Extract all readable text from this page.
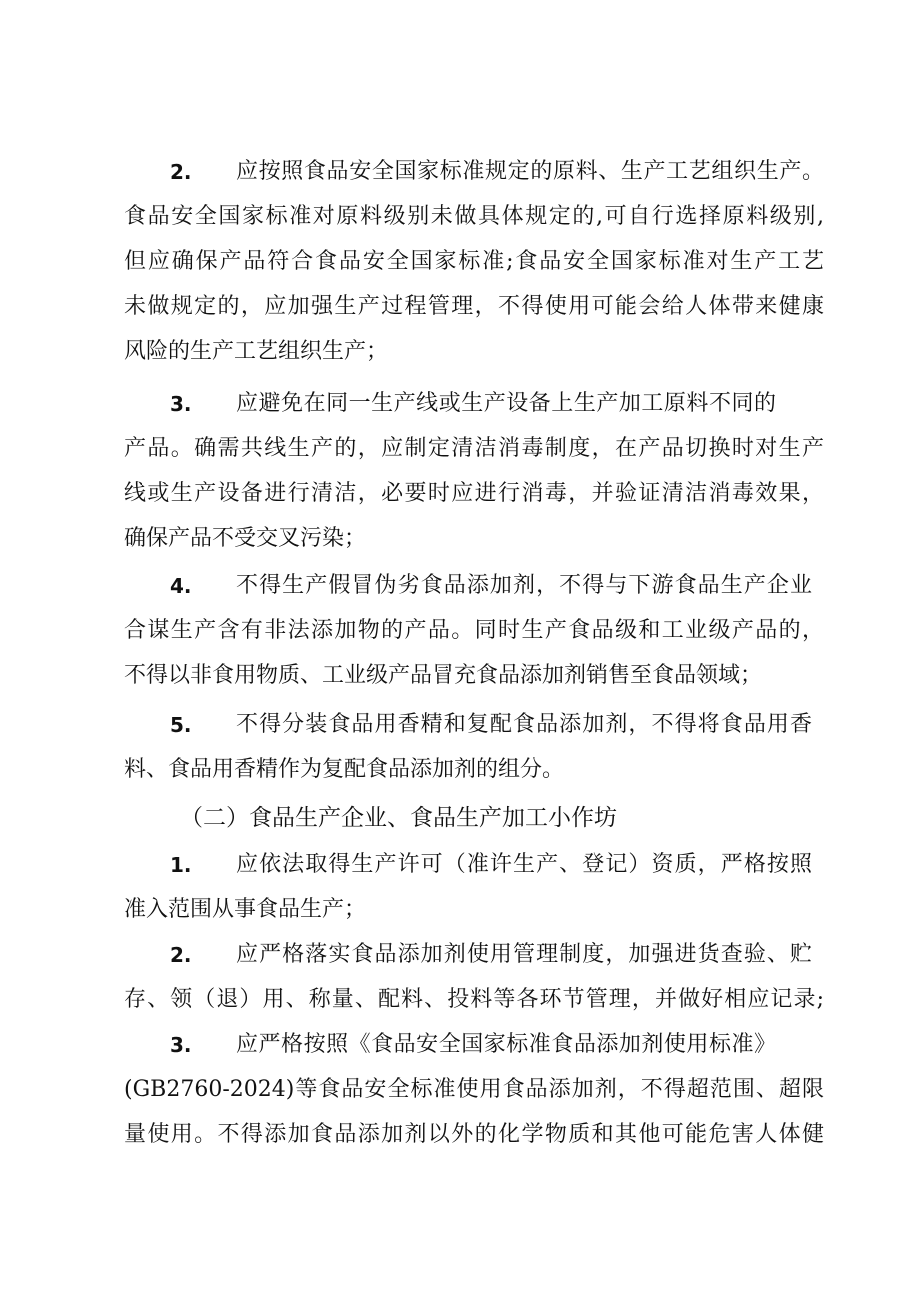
2.	应按照食品安全国家标准规定的原料、生产工艺组织生产。
食品安全国家标准对原料级别未做具体规定的,可自行选择原料级别,
但应确保产品符合食品安全国家标准;食品安全国家标准对生产工艺
未做规定的，应加强生产过程管理，不得使用可能会给人体带来健康
风险的生产工艺组织生产；
3.	应避免在同一生产线或生产设备上生产加工原料不同的
产品。确需共线生产的，应制定清洁消毒制度，在产品切换时对生产
线或生产设备进行清洁，必要时应进行消毒，并验证清洁消毒效果，
确保产品不受交叉污染；
4.	不得生产假冒伪劣食品添加剂，不得与下游食品生产企业
合谋生产含有非法添加物的产品。同时生产食品级和工业级产品的，
不得以非食用物质、工业级产品冒充食品添加剂销售至食品领域；
5.	不得分装食品用香精和复配食品添加剂，不得将食品用香
料、食品用香精作为复配食品添加剂的组分。
（二）食品生产企业、食品生产加工小作坊
1.	应依法取得生产许可（准许生产、登记）资质，严格按照
准入范围从事食品生产；
2.	应严格落实食品添加剂使用管理制度，加强进货查验、贮
存、领（退）用、称量、配料、投料等各环节管理，并做好相应记录;
3.	应严格按照《食品安全国家标准食品添加剂使用标准》
(GB2760-2024)等食品安全标准使用食品添加剂，不得超范围、超限
量使用。不得添加食品添加剂以外的化学物质和其他可能危害人体健
